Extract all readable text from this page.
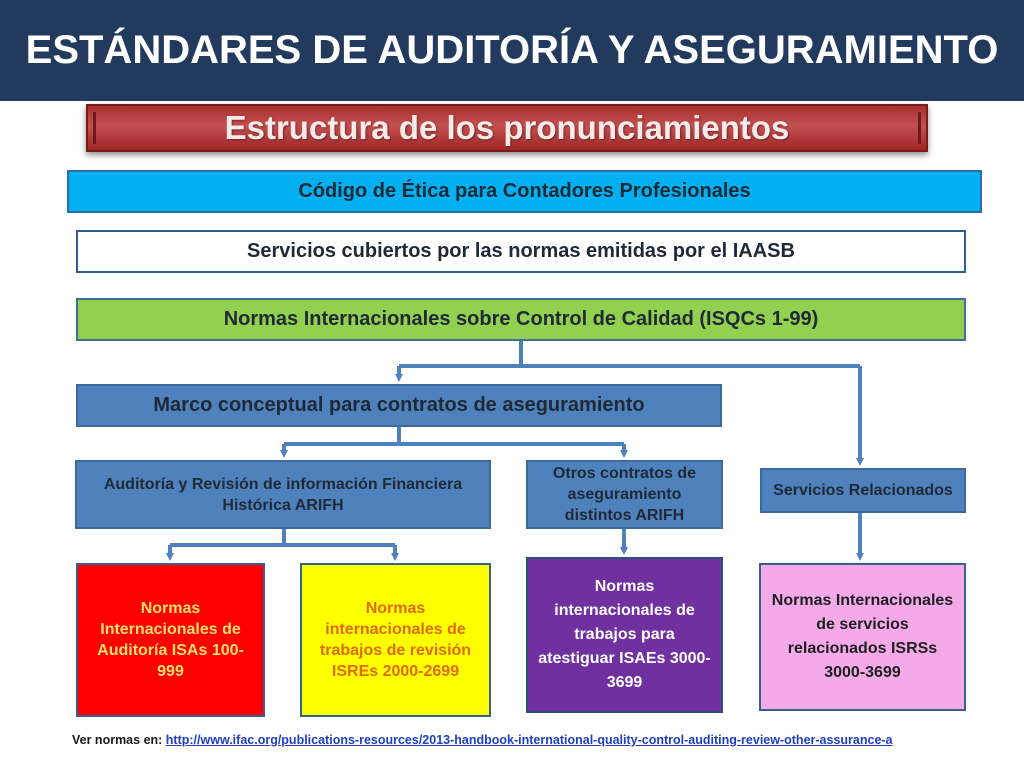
ESTÁNDARES DE AUDITORÍA Y ASEGURAMIENTO
Estructura de los pronunciamientos
Código de Ética para Contadores Profesionales
Servicios cubiertos por las normas emitidas por el IAASB
Normas Internacionales sobre Control de Calidad (ISQCs 1-99)
Marco conceptual para contratos de aseguramiento
Auditoría y Revisión de información Financiera Histórica ARIFH
Otros contratos de aseguramiento distintos ARIFH
Servicios Relacionados
Normas Internacionales de Auditoría ISAs 100-999
Normas internacionales de trabajos de revisión ISREs 2000-2699
Normas internacionales de trabajos para atestiguar ISAEs 3000-3699
Normas Internacionales de servicios relacionados ISRSs 3000-3699
Ver normas en: http://www.ifac.org/publications-resources/2013-handbook-international-quality-control-auditing-review-other-assurance-a
